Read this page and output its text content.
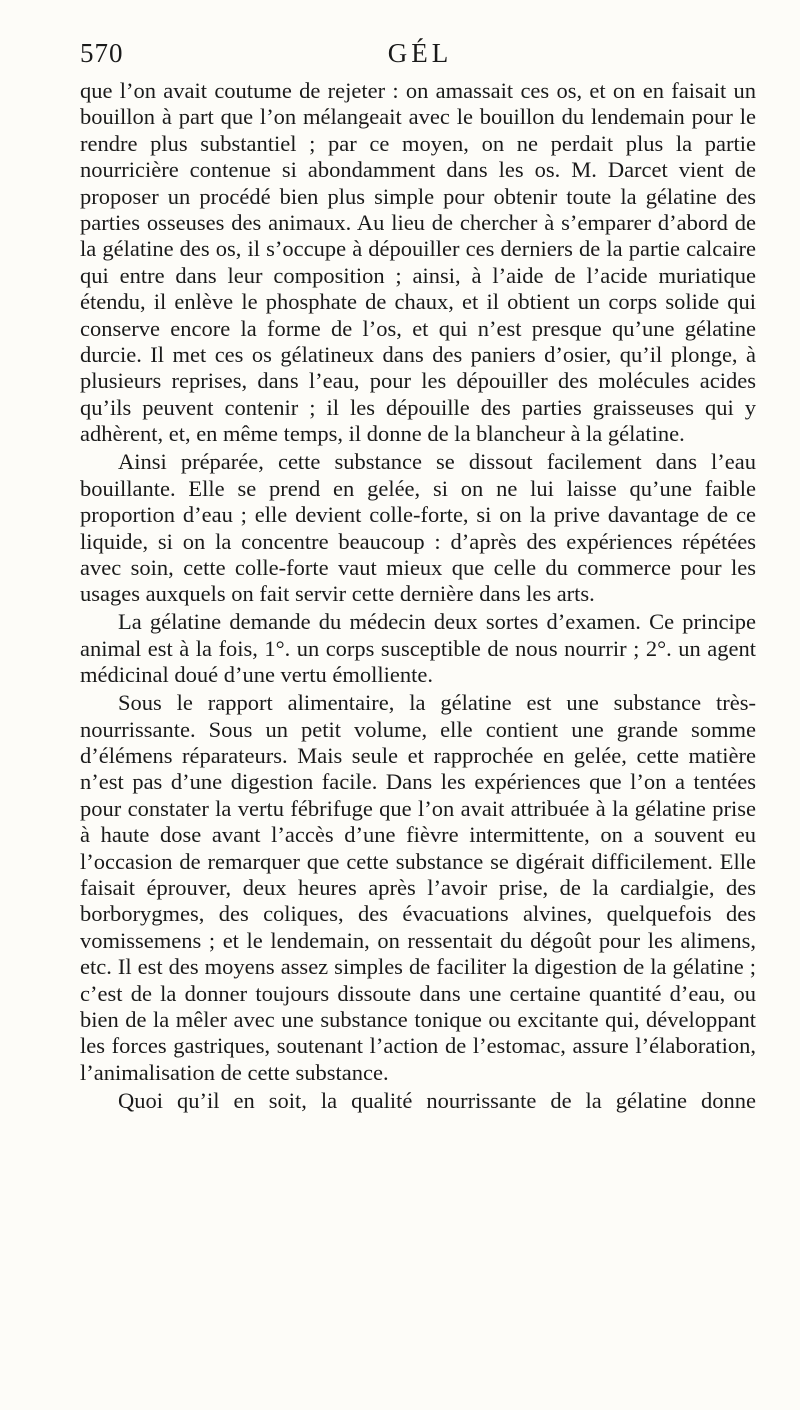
570	GÉL

que l’on avait coutume de rejeter : on amassait ces os, et on en faisait un bouillon à part que l’on mélangeait avec le bouillon du lendemain pour le rendre plus substantiel ; par ce moyen, on ne perdait plus la partie nourricière contenue si abondamment dans les os. M. Darcet vient de proposer un procédé bien plus simple pour obtenir toute la gélatine des parties osseuses des animaux. Au lieu de chercher à s’emparer d’abord de la gélatine des os, il s’occupe à dépouiller ces derniers de la partie calcaire qui entre dans leur composition ; ainsi, à l’aide de l’acide muriatique étendu, il enlève le phosphate de chaux, et il obtient un corps solide qui conserve encore la forme de l’os, et qui n’est presque qu’une gélatine durcie. Il met ces os gélatineux dans des paniers d’osier, qu’il plonge, à plusieurs reprises, dans l’eau, pour les dépouiller des molécules acides qu’ils peuvent contenir ; il les dépouille des parties graisseuses qui y adhèrent, et, en même temps, il donne de la blancheur à la gélatine.

Ainsi préparée, cette substance se dissout facilement dans l’eau bouillante. Elle se prend en gelée, si on ne lui laisse qu’une faible proportion d’eau ; elle devient colle-forte, si on la prive davantage de ce liquide, si on la concentre beaucoup : d’après des expériences répétées avec soin, cette colle-forte vaut mieux que celle du commerce pour les usages auxquels on fait servir cette dernière dans les arts.

La gélatine demande du médecin deux sortes d’examen. Ce principe animal est à la fois, 1°. un corps susceptible de nous nourrir ; 2°. un agent médicinal doué d’une vertu émolliente.

Sous le rapport alimentaire, la gélatine est une substance très-nourrissante. Sous un petit volume, elle contient une grande somme d’élémens réparateurs. Mais seule et rapprochée en gelée, cette matière n’est pas d’une digestion facile. Dans les expériences que l’on a tentées pour constater la vertu fébrifuge que l’on avait attribuée à la gélatine prise à haute dose avant l’accès d’une fièvre intermittente, on a souvent eu l’occasion de remarquer que cette substance se digérait difficilement. Elle faisait éprouver, deux heures après l’avoir prise, de la cardialgie, des borborygmes, des coliques, des évacuations alvines, quelquefois des vomissemens ; et le lendemain, on ressentait du dégoût pour les alimens, etc. Il est des moyens assez simples de faciliter la digestion de la gélatine ; c’est de la donner toujours dissoute dans une certaine quantité d’eau, ou bien de la mêler avec une substance tonique ou excitante qui, développant les forces gastriques, soutenant l’action de l’estomac, assure l’élaboration, l’animalisation de cette substance.

Quoi qu’il en soit, la qualité nourrissante de la gélatine donne
